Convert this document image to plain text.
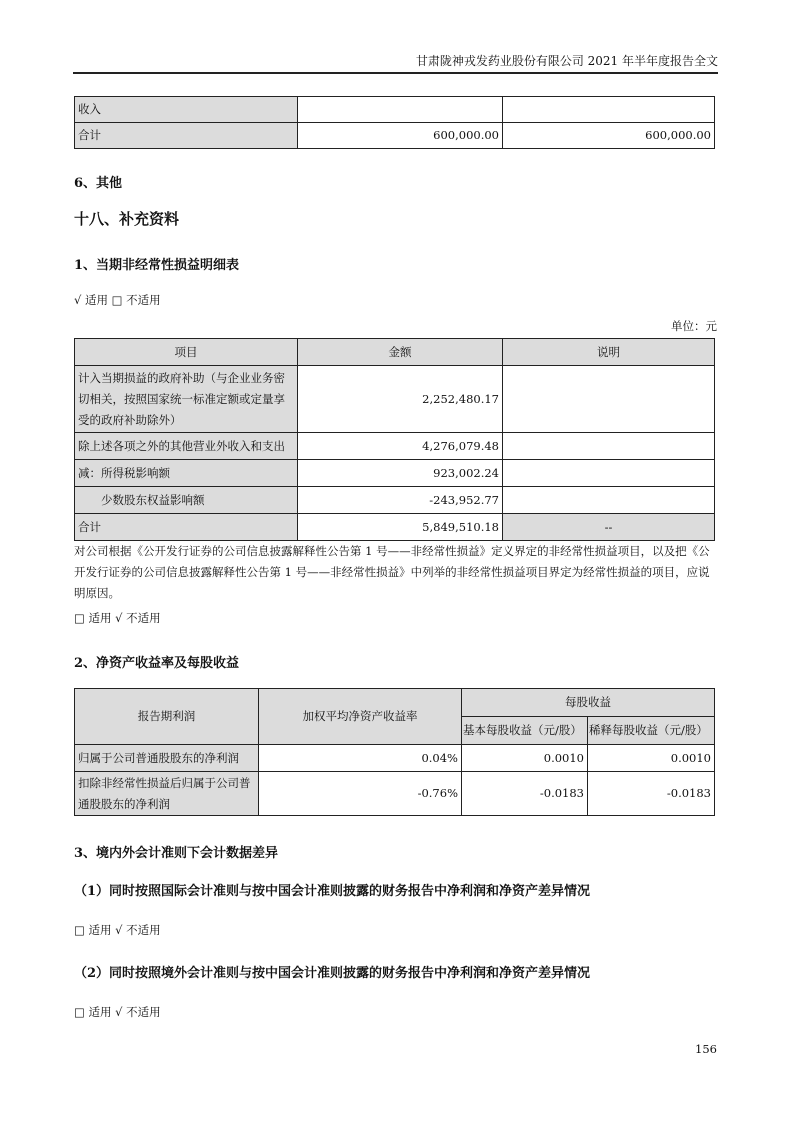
甘肃陇神戎发药业股份有限公司 2021 年半年度报告全文
收入		
合计	600,000.00	600,000.00
6、其他
十八、补充资料
1、当期非经常性损益明细表
√ 适用 □ 不适用
单位：元
项目	金额	说明
计入当期损益的政府补助（与企业业务密切相关，按照国家统一标准定额或定量享受的政府补助除外）	2,252,480.17	
除上述各项之外的其他营业外收入和支出	4,276,079.48	
减：所得税影响额	923,002.24	
少数股东权益影响额	-243,952.77	
合计	5,849,510.18	--
对公司根据《公开发行证券的公司信息披露解释性公告第 1 号——非经常性损益》定义界定的非经常性损益项目，以及把《公开发行证券的公司信息披露解释性公告第 1 号——非经常性损益》中列举的非经常性损益项目界定为经常性损益的项目，应说明原因。
□ 适用 √ 不适用
2、净资产收益率及每股收益
报告期利润	加权平均净资产收益率	每股收益	
		基本每股收益（元/股）	稀释每股收益（元/股）
归属于公司普通股股东的净利润	0.04%	0.0010	0.0010
扣除非经常性损益后归属于公司普通股股东的净利润	-0.76%	-0.0183	-0.0183
3、境内外会计准则下会计数据差异
（1）同时按照国际会计准则与按中国会计准则披露的财务报告中净利润和净资产差异情况
□ 适用 √ 不适用
（2）同时按照境外会计准则与按中国会计准则披露的财务报告中净利润和净资产差异情况
□ 适用 √ 不适用
156
